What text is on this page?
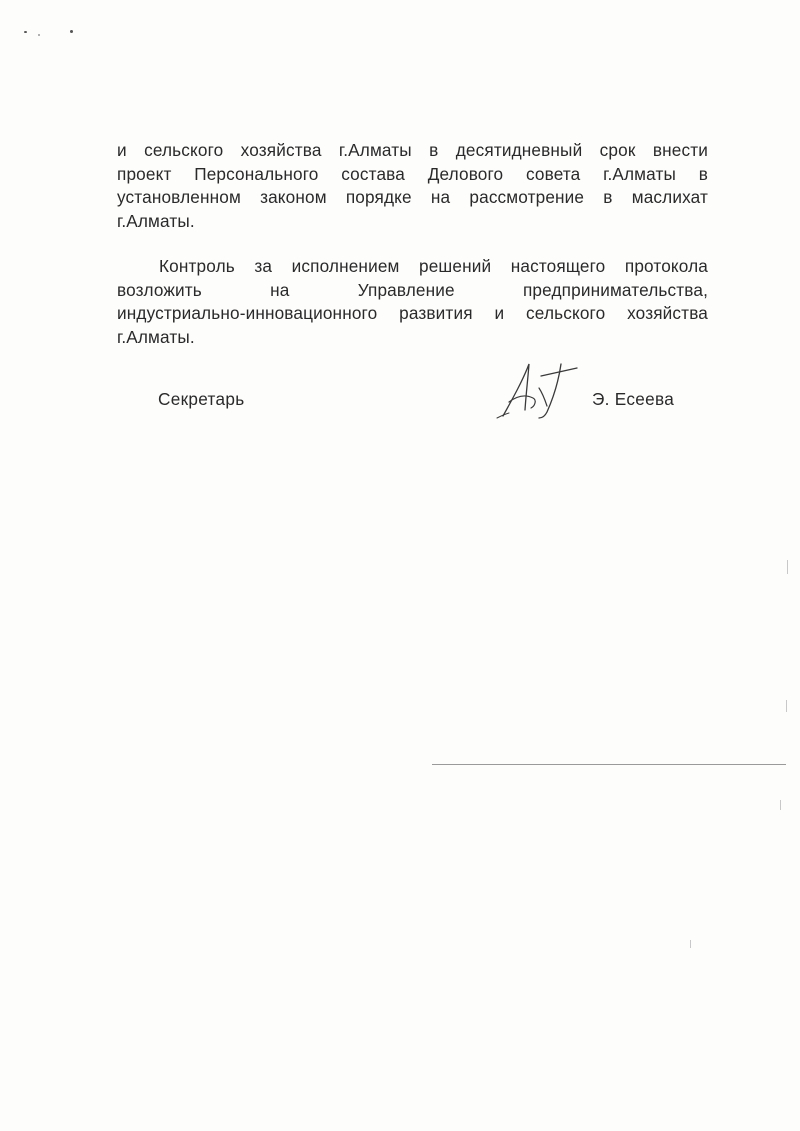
и сельского хозяйства г.Алматы в десятидневный срок внести
проект Персонального состава Делового совета г.Алматы в
установленном законом порядке на рассмотрение в маслихат
г.Алматы.

Контроль за исполнением решений настоящего протокола
возложить на Управление предпринимательства,
индустриально-инновационного развития и сельского хозяйства
г.Алматы.

Секретарь	Э. Есеева
